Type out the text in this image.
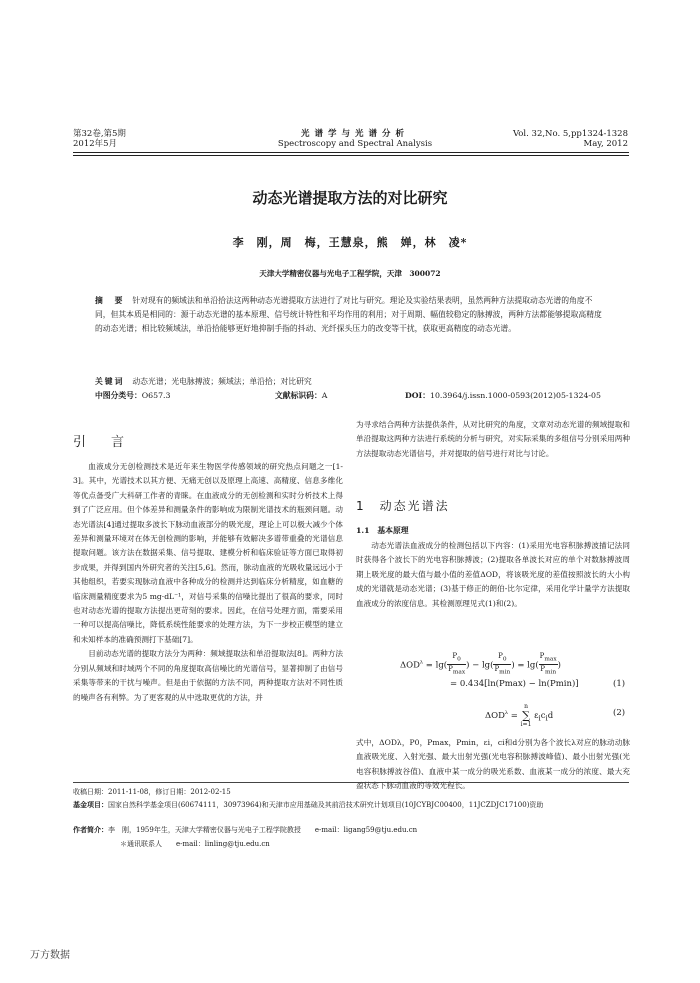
第32卷,第5期
2012年5月
光谱学与光谱分析
Spectroscopy and Spectral Analysis
Vol. 32,No. 5,pp1324-1328
May, 2012
动态光谱提取方法的对比研究
李　刚，周　梅，王慧泉，熊　婵，林　凌*
天津大学精密仪器与光电子工程学院，天津　300072
摘　要 针对现有的频域法和单沿拾法这两种动态光谱提取方法进行了对比与研究。理论及实验结果表明，虽然两种方法提取动态光谱的角度不同，但其本质是相同的：源于动态光谱的基本原理、信号统计特性和平均作用的利用；对于周期、幅值较稳定的脉搏波，两种方法都能够提取高精度的动态光谱；相比较频域法，单沿拾能够更好地抑制手指的抖动、光纤探头压力的改变等干扰，获取更高精度的动态光谱。
关键词 动态光谱；光电脉搏波；频域法；单沿拾；对比研究
中图分类号：O657.3	文献标识码：A	DOI：10.3964/j.issn.1000-0593(2012)05-1324-05
引　言

血液成分无创检测技术是近年来生物医学传感领域的研究热点问题之一[1-3]。其中，光谱技术以其方便、无痛无创以及原理上高速、高精度、信息多维化等优点备受广大科研工作者的青睐。在血液成分的无创检测和实时分析技术上得到了广泛应用。但个体差异和测量条件的影响成为限制光谱技术的瓶颈问题。动态光谱法[4]通过提取多波长下脉动血液部分的吸光度，理论上可以极大减少个体差异和测量环境对在体无创检测的影响，并能够有效解决多谱带重叠的光谱信息提取问题。该方法在数据采集、信号提取、建模分析和临床验证等方面已取得初步成果，并得到国内外研究者的关注[5,6]。然而，脉动血液的光吸收量远远小于其他组织，若要实现脉动血液中各种成分的检测并达到临床分析精度，如血糖的临床测量精度要求为5 mg·dL⁻¹，对信号采集的信噪比提出了很高的要求，同时也对动态光谱的提取方法提出更苛刻的要求。因此，在信号处理方面，需要采用一种可以提高信噪比，降低系统性能要求的处理方法，为下一步校正模型的建立和未知样本的准确预测打下基础[7]。

目前动态光谱的提取方法分为两种：频域提取法和单沿提取法[8]。两种方法分别从频域和时域两个不同的角度提取高信噪比的光谱信号，显著抑制了由信号采集等带来的干扰与噪声。但是由于依据的方法不同，两种提取方法对不同性质的噪声各有利弊。为了更客观的从中选取更优的方法，并

为寻求结合两种方法提供条件，从对比研究的角度，文章对动态光谱的频域提取和单沿提取这两种方法进行系统的分析与研究，对实际采集的多组信号分别采用两种方法提取动态光谱信号，并对提取的信号进行对比与讨论。

1　动态光谱法
1.1　基本原理

动态光谱法血液成分的检测包括以下内容：(1)采用光电容积脉搏波描记法同时获得各个波长下的光电容积脉搏波；(2)提取各单波长对应的单个对数脉搏波周期上吸光度的最大值与最小值的差值ΔOD，将该吸光度的差值按照波长的大小构成的光谱就是动态光谱；(3)基于修正的朗伯-比尔定律，采用化学计量学方法提取血液成分的浓度信息。其检测原理见式(1)和(2)。

$\Delta OD^\lambda = \lg( \frac{P_0}{P_{max}}$ ) − $\lg( \frac{P_0}{P_{min}}$ ) = $\lg( \frac{P_{max}}{P_{min}}$ )
= 0.434[ln(Pmax) − ln(Pmin)]	(1)
$\Delta OD^\lambda$ =
n
∑
i=1
$\varepsilon_ic_id$	(2)

式中，ΔODλ，P0，Pmax，Pmin，εi，ci和d分别为各个波长λ对应的脉动动脉血液吸光度、入射光强、最大出射光强(光电容积脉搏波峰值)、最小出射光强(光电容积脉搏波谷值)、血液中某一成分的吸光系数、血液某一成分的浓度、最大充盈状态下脉动血液的等效光程长。

收稿日期：2011-11-08，修订日期：2012-02-15
基金项目：国家自然科学基金项目(60674111，30973964)和天津市应用基础及其前沿技术研究计划项目(10JCYBJC00400，11JCZDJC17100)资助
作者简介：李　刚，1959年生，天津大学精密仪器与光电子工程学院教授　　e-mail：ligang59@tju.edu.cn
＊通讯联系人　　e-mail：linling@tju.edu.cn
万方数据
